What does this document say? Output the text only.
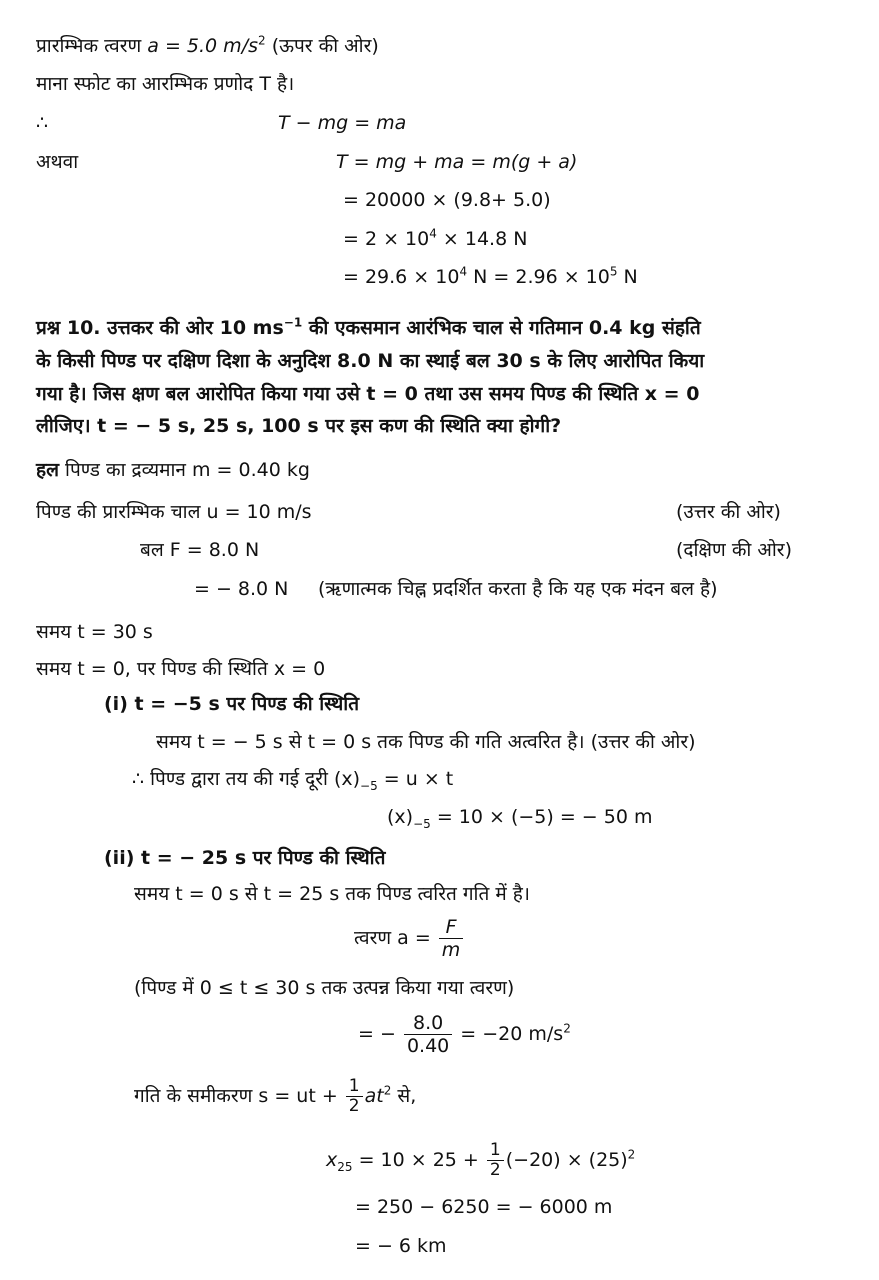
प्रारम्भिक त्वरण a = 5.0 $m/s^2$ (ऊपर की ओर)
माना स्फोट का आरम्भिक प्रणोद T है।
∴	T − mg = ma
अथवा	T = mg + ma = m(g + a)
= 20000 × (9.8+ 5.0)
= $2 \times 10^4 \times 14.8$ N
= $29.6 \times 10^4$ $N = 2.96 \times 10^5$ N
प्रश्न 10. उत्तकर की ओर 10 $ms^{-1}$ की एकसमान आरंभिक चाल से गतिमान 0.4 kg संहति
के किसी पिण्ड पर दक्षिण दिशा के अनुदिश 8.0 N का स्थाई बल 30 s के लिए आरोपित किया
गया है। जिस क्षण बल आरोपित किया गया उसे t = 0 तथा उस समय पिण्ड की स्थिति x = 0
लीजिए। t = − 5 s, 25 s, 100 s पर इस कण की स्थिति क्या होगी?
हल पिण्ड का द्रव्यमान m = 0.40 kg
पिण्ड की प्रारम्भिक चाल u = 10 m/s	(उत्तर की ओर)
बल F = 8.0 N	(दक्षिण की ओर)
= − 8.0 N (ऋणात्मक चिह्न प्रदर्शित करता है कि यह एक मंदन बल है)
समय t = 30 s
समय t = 0, पर पिण्ड की स्थिति x = 0
(i) t = −5 s पर पिण्ड की स्थिति
समय t = − 5 s से t = 0 s तक पिण्ड की गति अत्वरित है। (उत्तर की ओर)
∴ पिण्ड द्वारा तय की गई दूरी $(x)_{-5} = u \times t$
$(x)_{-5} = 10 \times (-5)$ = − 50 m
(ii) t = − 25 s पर पिण्ड की स्थिति
समय t = 0 s से t = 25 s तक पिण्ड त्वरित गति में है।
त्वरण $a = \frac{F}{m}$
(पिण्ड में 0 ≤ t ≤ 30 s तक उत्पन्न किया गया त्वरण)
= − $\frac{8.0}{0.40} = -20$ $m/s^2$
गति के समीकरण s = ut + $\frac{1}{2} at^2$ से,
$x_{25} = 10 \times 25 + \frac{1}{2} (-20) \times (25)^2$
= 250 − 6250 = − 6000 m
= − 6 km
